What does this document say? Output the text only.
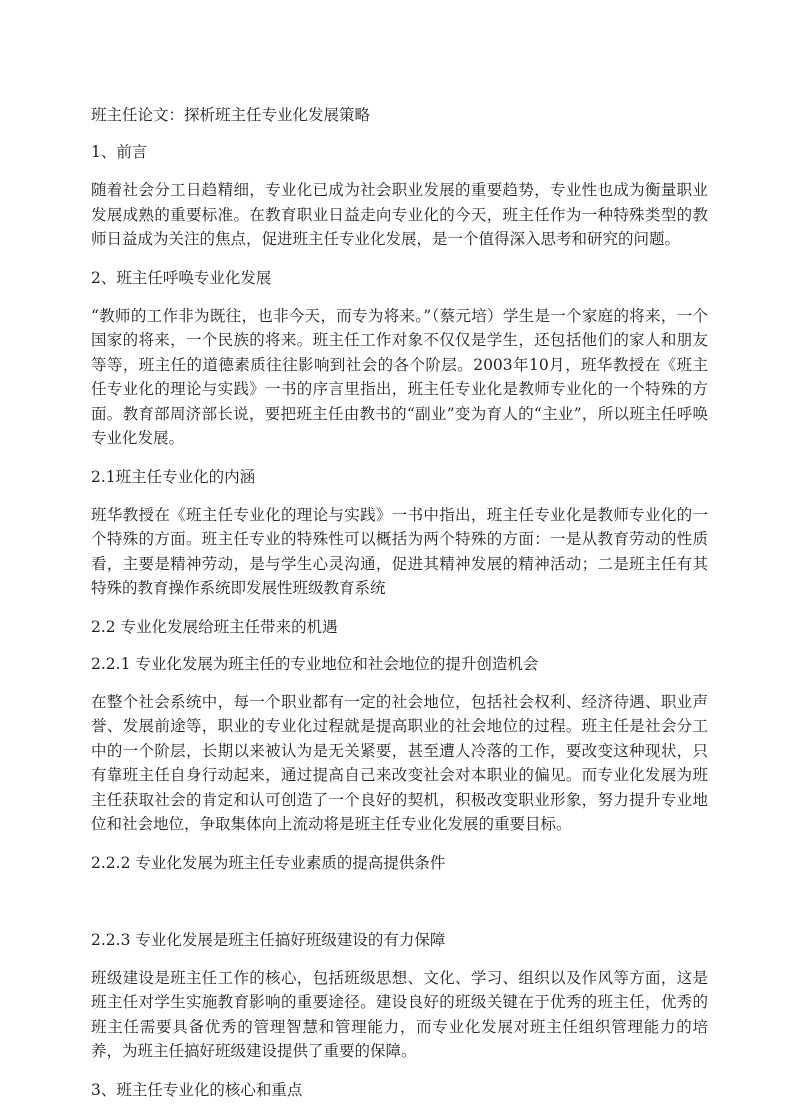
班主任论文：探析班主任专业化发展策略
1、前言
随着社会分工日趋精细，专业化已成为社会职业发展的重要趋势，专业性也成为衡量职业发展成熟的重要标准。在教育职业日益走向专业化的今天，班主任作为一种特殊类型的教师日益成为关注的焦点，促进班主任专业化发展，是一个值得深入思考和研究的问题。
2、班主任呼唤专业化发展
“教师的工作非为既往，也非今天，而专为将来。”（蔡元培）学生是一个家庭的将来，一个国家的将来，一个民族的将来。班主任工作对象不仅仅是学生，还包括他们的家人和朋友等等，班主任的道德素质往往影响到社会的各个阶层。2003年10月，班华教授在《班主任专业化的理论与实践》一书的序言里指出，班主任专业化是教师专业化的一个特殊的方面。教育部周济部长说，要把班主任由教书的“副业”变为育人的“主业”，所以班主任呼唤专业化发展。
2.1班主任专业化的内涵
班华教授在《班主任专业化的理论与实践》一书中指出，班主任专业化是教师专业化的一个特殊的方面。班主任专业的特殊性可以概括为两个特殊的方面：一是从教育劳动的性质看，主要是精神劳动，是与学生心灵沟通，促进其精神发展的精神活动；二是班主任有其特殊的教育操作系统即发展性班级教育系统
2.2 专业化发展给班主任带来的机遇
2.2.1 专业化发展为班主任的专业地位和社会地位的提升创造机会
在整个社会系统中，每一个职业都有一定的社会地位，包括社会权利、经济待遇、职业声誉、发展前途等，职业的专业化过程就是提高职业的社会地位的过程。班主任是社会分工中的一个阶层，长期以来被认为是无关紧要，甚至遭人冷落的工作，要改变这种现状，只有靠班主任自身行动起来，通过提高自己来改变社会对本职业的偏见。而专业化发展为班主任获取社会的肯定和认可创造了一个良好的契机，积极改变职业形象，努力提升专业地位和社会地位，争取集体向上流动将是班主任专业化发展的重要目标。
2.2.2 专业化发展为班主任专业素质的提高提供条件
2.2.3 专业化发展是班主任搞好班级建设的有力保障
班级建设是班主任工作的核心，包括班级思想、文化、学习、组织以及作风等方面，这是班主任对学生实施教育影响的重要途径。建设良好的班级关键在于优秀的班主任，优秀的班主任需要具备优秀的管理智慧和管理能力，而专业化发展对班主任组织管理能力的培养，为班主任搞好班级建设提供了重要的保障。
3、班主任专业化的核心和重点
